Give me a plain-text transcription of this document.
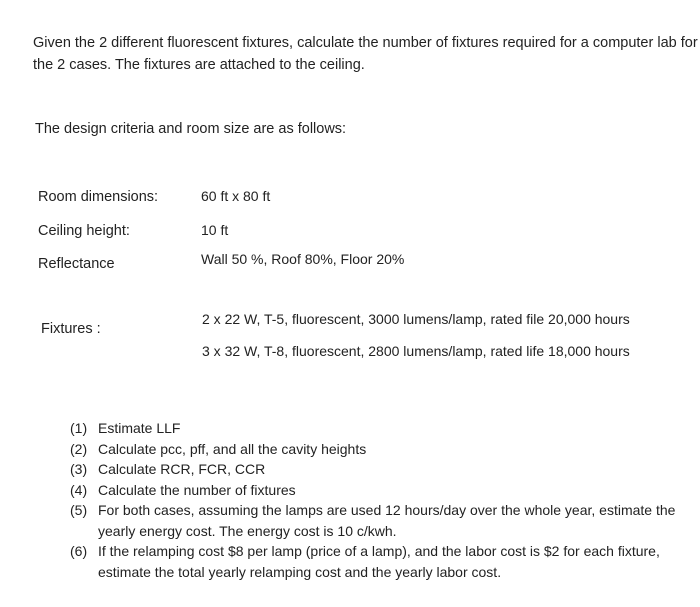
Given the 2 different fluorescent fixtures, calculate the number of fixtures required for a computer lab for the 2 cases. The fixtures are attached to the ceiling.
The design criteria and room size are as follows:
Room dimensions:	60 ft x 80 ft
Ceiling height:	10 ft
Reflectance	Wall 50 %, Roof 80%, Floor 20%
Fixtures :
2 x 22 W, T-5, fluorescent, 3000 lumens/lamp, rated file 20,000 hours
3 x 32 W, T-8, fluorescent, 2800 lumens/lamp, rated life 18,000 hours
(1) Estimate LLF
(2) Calculate pcc, pff, and all the cavity heights
(3) Calculate RCR, FCR, CCR
(4) Calculate the number of fixtures
(5) For both cases, assuming the lamps are used 12 hours/day over the whole year, estimate the yearly energy cost. The energy cost is 10 c/kwh.
(6) If the relamping cost $8 per lamp (price of a lamp), and the labor cost is $2 for each fixture, estimate the total yearly relamping cost and the yearly labor cost.
